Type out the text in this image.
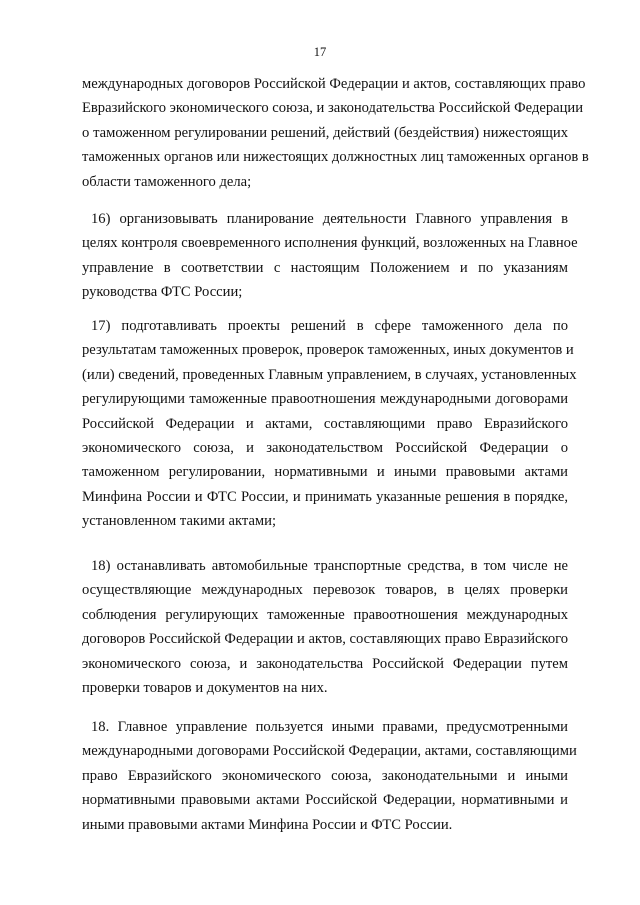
17
международных договоров Российской Федерации и актов, составляющих право
Евразийского экономического союза, и законодательства Российской Федерации
о таможенном регулировании решений, действий (бездействия) нижестоящих
таможенных органов или нижестоящих должностных лиц таможенных органов в
области таможенного дела;
16) организовывать планирование деятельности Главного управления в
целях контроля своевременного исполнения функций, возложенных на Главное
управление в соответствии с настоящим Положением и по указаниям
руководства ФТС России;
17) подготавливать проекты решений в сфере таможенного дела по
результатам таможенных проверок, проверок таможенных, иных документов и
(или) сведений, проведенных Главным управлением, в случаях, установленных
регулирующими таможенные правоотношения международными договорами
Российской Федерации и актами, составляющими право Евразийского
экономического союза, и законодательством Российской Федерации о
таможенном регулировании, нормативными и иными правовыми актами
Минфина России и ФТС России, и принимать указанные решения в порядке,
установленном такими актами;
18) останавливать автомобильные транспортные средства, в том числе не
осуществляющие международных перевозок товаров, в целях проверки
соблюдения регулирующих таможенные правоотношения международных
договоров Российской Федерации и актов, составляющих право Евразийского
экономического союза, и законодательства Российской Федерации путем
проверки товаров и документов на них.
18. Главное управление пользуется иными правами, предусмотренными
международными договорами Российской Федерации, актами, составляющими
право Евразийского экономического союза, законодательными и иными
нормативными правовыми актами Российской Федерации, нормативными и
иными правовыми актами Минфина России и ФТС России.
